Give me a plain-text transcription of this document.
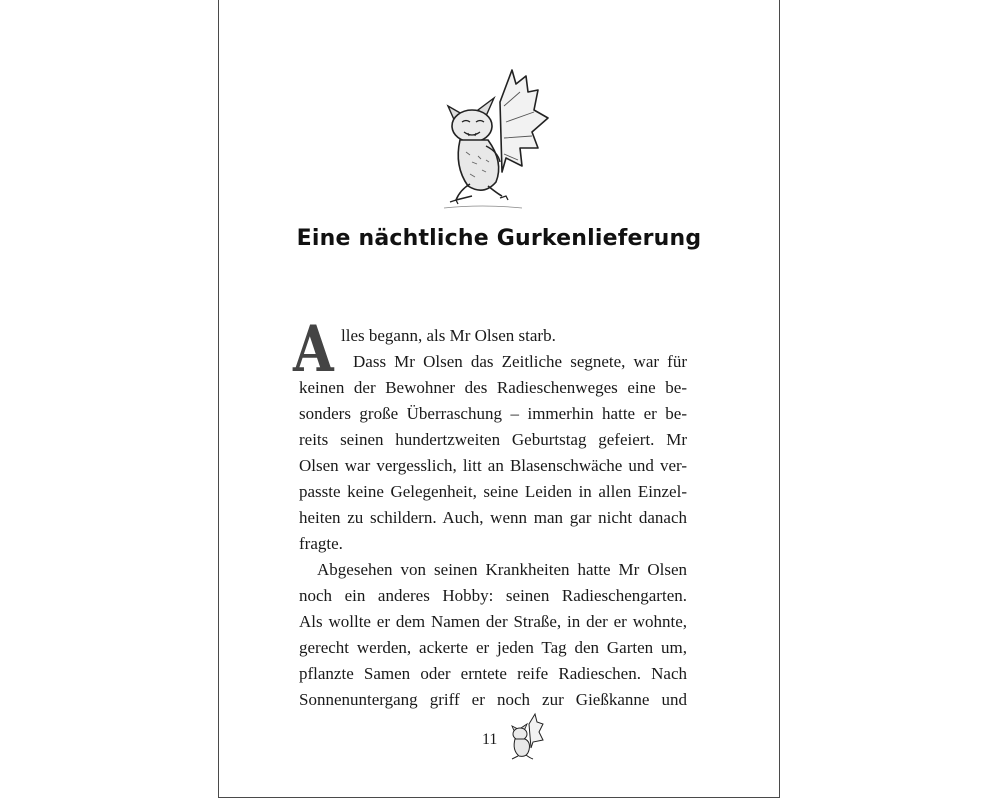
Eine nächtliche Gurkenlieferung
A lles begann, als Mr Olsen starb.
Dass Mr Olsen das Zeitliche segnete, war für
keinen der Bewohner des Radieschenweges eine be-
sonders große Überraschung – immerhin hatte er be-
reits seinen hundertzweiten Geburtstag gefeiert. Mr
Olsen war vergesslich, litt an Blasenschwäche und ver-
passte keine Gelegenheit, seine Leiden in allen Einzel-
heiten zu schildern. Auch, wenn man gar nicht danach
fragte.
Abgesehen von seinen Krankheiten hatte Mr Olsen
noch ein anderes Hobby: seinen Radieschengarten.
Als wollte er dem Namen der Straße, in der er wohnte,
gerecht werden, ackerte er jeden Tag den Garten um,
pflanzte Samen oder erntete reife Radieschen. Nach
Sonnenuntergang griff er noch zur Gießkanne und
11
